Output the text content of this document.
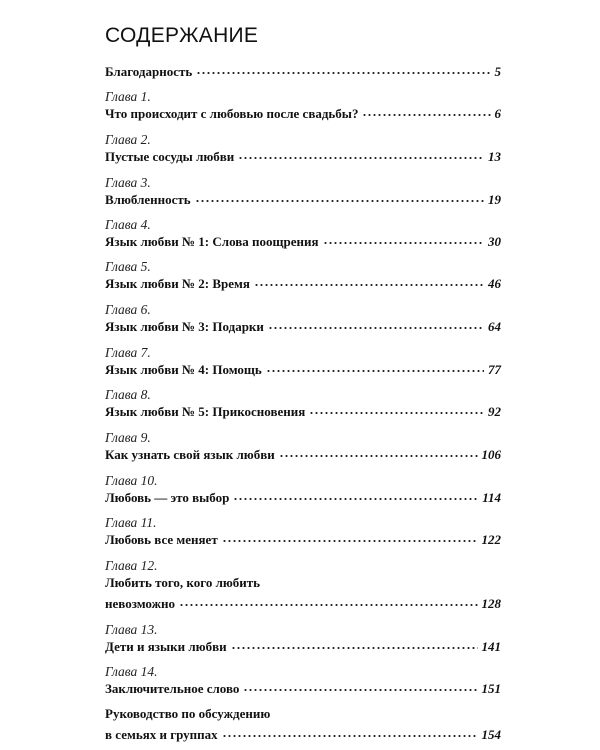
СОДЕРЖАНИЕ
Благодарность	5
Глава 1.
Что происходит с любовью после свадьбы?	6
Глава 2.
Пустые сосуды любви	13
Глава 3.
Влюбленность	19
Глава 4.
Язык любви № 1: Слова поощрения	30
Глава 5.
Язык любви № 2: Время	46
Глава 6.
Язык любви № 3: Подарки	64
Глава 7.
Язык любви № 4: Помощь	77
Глава 8.
Язык любви № 5: Прикосновения	92
Глава 9.
Как узнать свой язык любви	106
Глава 10.
Любовь — это выбор	114
Глава 11.
Любовь все меняет	122
Глава 12.
Любить того, кого любить
невозможно	128
Глава 13.
Дети и языки любви	141
Глава 14.
Заключительное слово	151
Руководство по обсуждению
в семьях и группах	154
